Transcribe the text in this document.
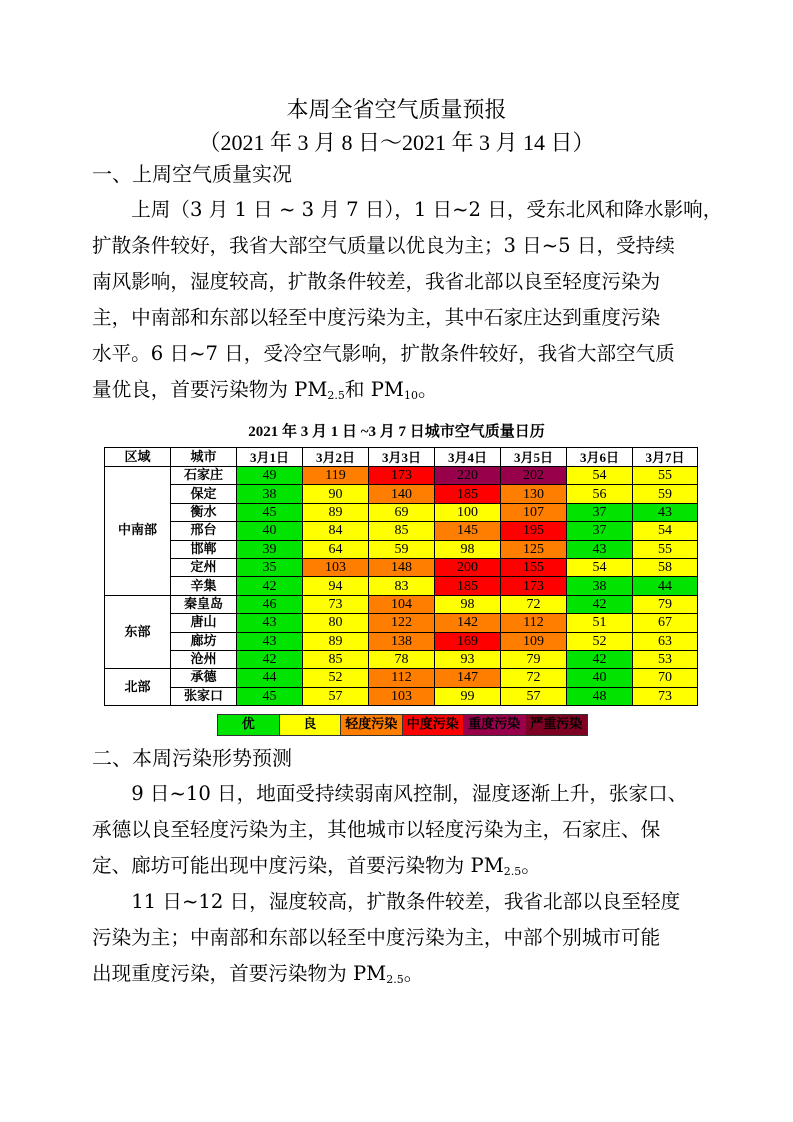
本周全省空气质量预报
（2021 年 3 月 8 日～2021 年 3 月 14 日）
一、上周空气质量实况
上周（3 月 1 日 ~ 3 月 7 日），1 日~2 日，受东北风和降水影响，
扩散条件较好，我省大部空气质量以优良为主；3 日~5 日，受持续
南风影响，湿度较高，扩散条件较差，我省北部以良至轻度污染为
主，中南部和东部以轻至中度污染为主，其中石家庄达到重度污染
水平。6 日~7 日，受冷空气影响，扩散条件较好，我省大部空气质
量优良，首要污染物为 $PM_{2.5}$和 $PM_{10}$。
2021 年 3 月 1 日 ~3 月 7 日城市空气质量日历
区域	城市	3月1日	3月2日	3月3日	3月4日	3月5日	3月6日	3月7日
中南部	石家庄	49	119	173	220	202	54	55
	保定	38	90	140	185	130	56	59
	衡水	45	89	69	100	107	37	43
	邢台	40	84	85	145	195	37	54
	邯郸	39	64	59	98	125	43	55
	定州	35	103	148	200	155	54	58
	辛集	42	94	83	185	173	38	44
东部	秦皇岛	46	73	104	98	72	42	79
	唐山	43	80	122	142	112	51	67
	廊坊	43	89	138	169	109	52	63
	沧州	42	85	78	93	79	42	53
北部	承德	44	52	112	147	72	40	70
	张家口	45	57	103	99	57	48	73
优	良	轻度污染 中度污染 重度污染 严重污染
二、本周污染形势预测
9 日~10 日，地面受持续弱南风控制，湿度逐渐上升，张家口、
承德以良至轻度污染为主，其他城市以轻度污染为主，石家庄、保
定、廊坊可能出现中度污染，首要污染物为 $PM_{2.5}$。
11 日~12 日，湿度较高，扩散条件较差，我省北部以良至轻度
污染为主；中南部和东部以轻至中度污染为主，中部个别城市可能
出现重度污染，首要污染物为 $PM_{2.5}$。
